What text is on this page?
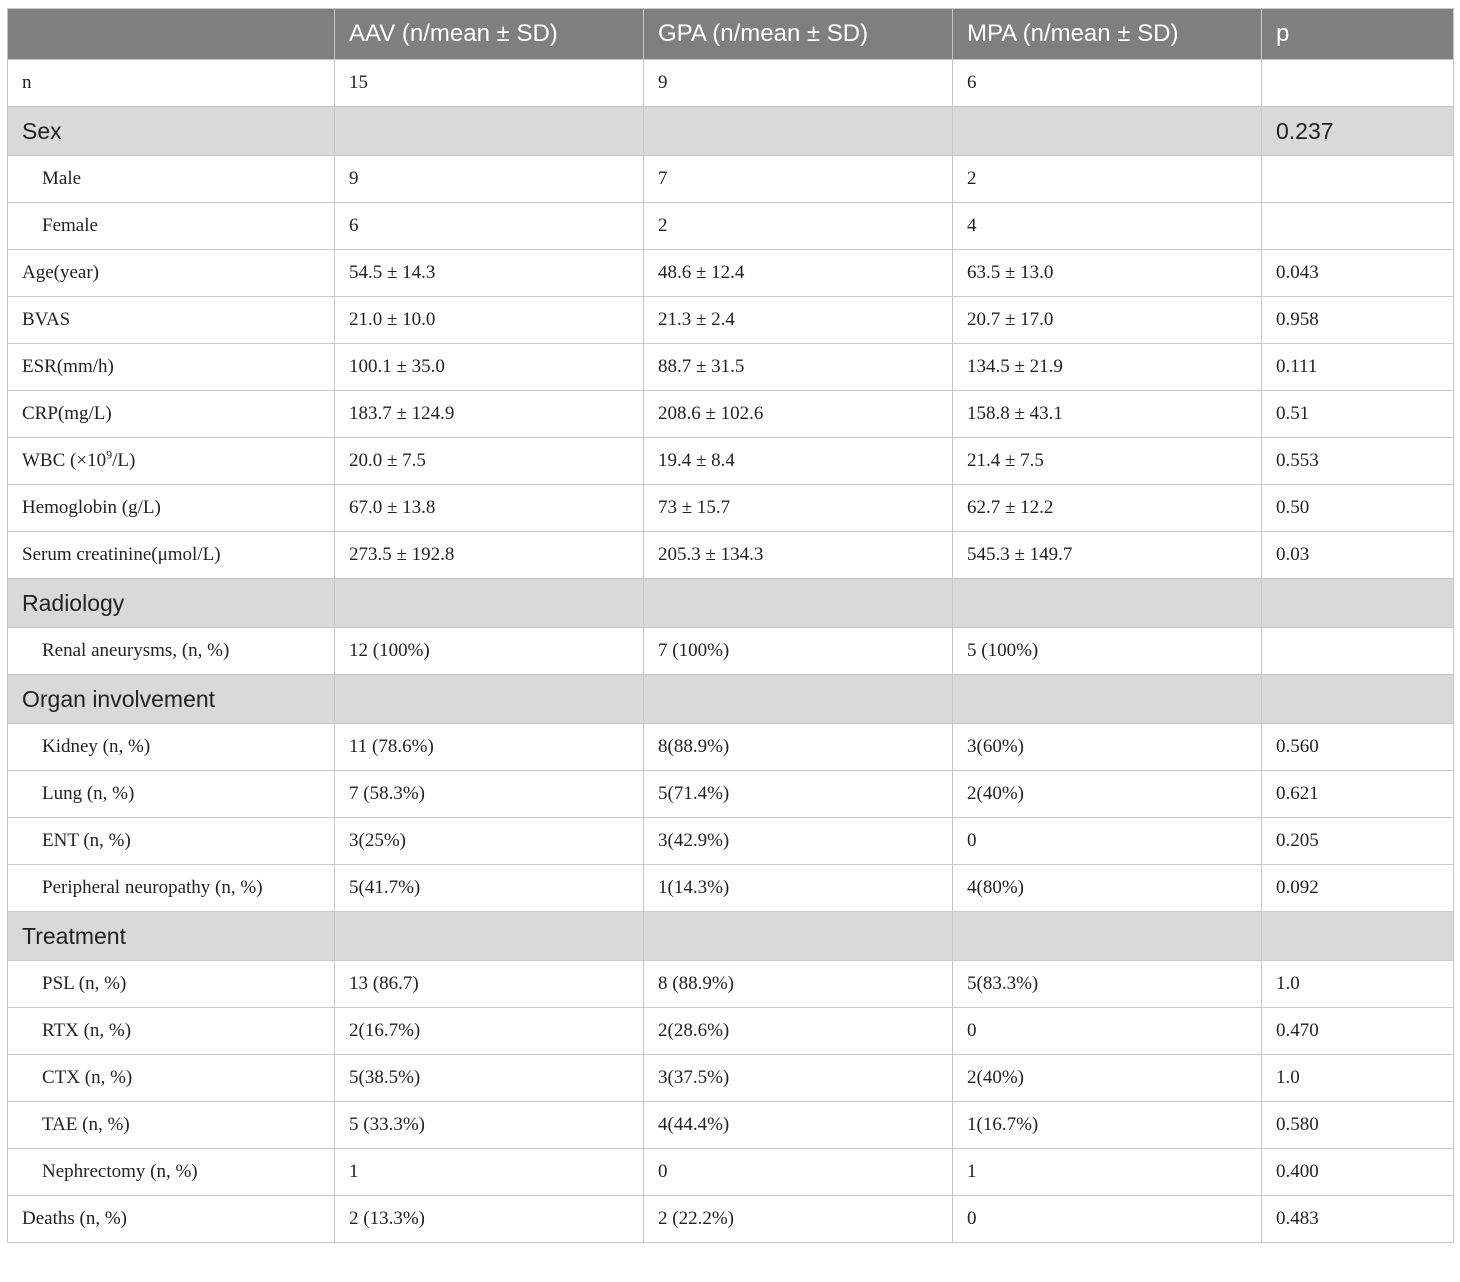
	AAV (n/mean ± SD)	GPA (n/mean ± SD)	MPA (n/mean ± SD)	p
n	15	9	6	
Sex				0.237
Male	9	7	2	
Female	6	2	4	
Age(year)	54.5 ± 14.3	48.6 ± 12.4	63.5 ± 13.0	0.043
BVAS	21.0 ± 10.0	21.3 ± 2.4	20.7 ± 17.0	0.958
ESR(mm/h)	100.1 ± 35.0	88.7 ± 31.5	134.5 ± 21.9	0.111
CRP(mg/L)	183.7 ± 124.9	208.6 ± 102.6	158.8 ± 43.1	0.51
WBC $(\times 10^9/L)$	20.0 ± 7.5	19.4 ± 8.4	21.4 ± 7.5	0.553
Hemoglobin (g/L)	67.0 ± 13.8	73 ± 15.7	62.7 ± 12.2	0.50
Serum creatinine(μmol/L)	273.5 ± 192.8	205.3 ± 134.3	545.3 ± 149.7	0.03
Radiology				
Renal aneurysms, (n, %)	12 (100%)	7 (100%)	5 (100%)	
Organ involvement				
Kidney (n, %)	11 (78.6%)	8(88.9%)	3(60%)	0.560
Lung (n, %)	7 (58.3%)	5(71.4%)	2(40%)	0.621
ENT (n, %)	3(25%)	3(42.9%)	0	0.205
Peripheral neuropathy (n, %)	5(41.7%)	1(14.3%)	4(80%)	0.092
Treatment				
PSL (n, %)	13 (86.7)	8 (88.9%)	5(83.3%)	1.0
RTX (n, %)	2(16.7%)	2(28.6%)	0	0.470
CTX (n, %)	5(38.5%)	3(37.5%)	2(40%)	1.0
TAE (n, %)	5 (33.3%)	4(44.4%)	1(16.7%)	0.580
Nephrectomy (n, %)	1	0	1	0.400
Deaths (n, %)	2 (13.3%)	2 (22.2%)	0	0.483
